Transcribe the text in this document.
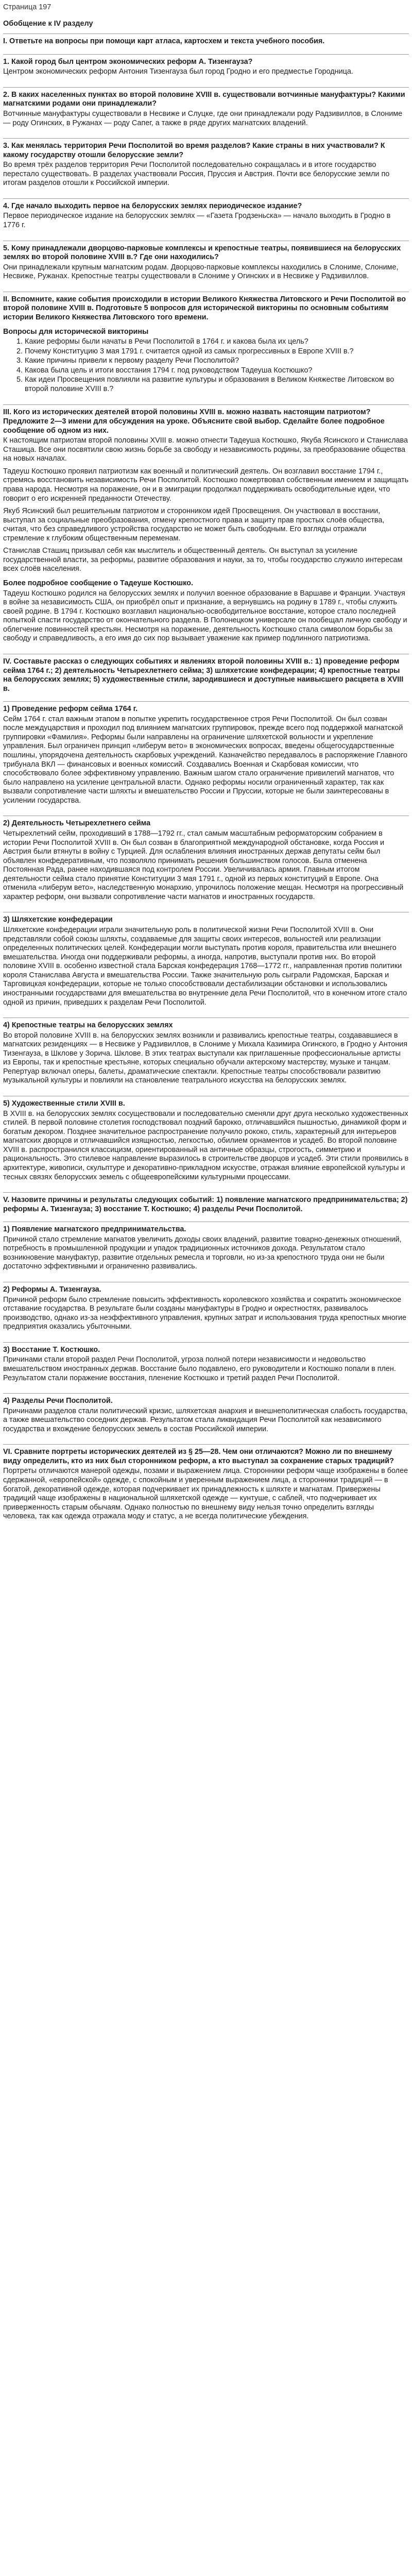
Страница 197
Обобщение к IV разделу
I. Ответьте на вопросы при помощи карт атласа, картосхем и текста учебного пособия.
1. Какой город был центром экономических реформ А. Тизенгауза?

Центром экономических реформ Антония Тизенгауза был город Гродно и его предместье Городница.

2. В каких населенных пунктах во второй половине XVIII в. существовали вотчинные мануфактуры? Какими магнатскими родами они принадлежали?

Вотчинные мануфактуры существовали в Несвиже и Слуцке, где они принадлежали роду Радзивиллов, в Слониме — роду Огинских, в Ружанах — роду Сапег, а также в ряде других магнатских владений.

3. Как менялась территория Речи Посполитой во время разделов? Какие страны в них участвовали? К какому государству отошли белорусские земли?

Во время трёх разделов территория Речи Посполитой последовательно сокращалась и в итоге государство перестало существовать. В разделах участвовали Россия, Пруссия и Австрия. Почти все белорусские земли по итогам разделов отошли к Российской империи.

4. Где начало выходить первое на белорусских землях периодическое издание?

Первое периодическое издание на белорусских землях — «Газета Гродзеньска» — начало выходить в Гродно в 1776 г.

5. Кому принадлежали дворцово-парковые комплексы и крепостные театры, появившиеся на белорусских землях во второй половине XVIII в.? Где они находились?

Они принадлежали крупным магнатским родам. Дворцово-парковые комплексы находились в Слониме, Слониме, Несвиже, Ружанах. Крепостные театры существовали в Слониме у Огинских и в Несвиже у Радзивиллов.

II. Вспомните, какие события происходили в истории Великого Княжества Литовского и Речи Посполитой во второй половине XVIII в. Подготовьте 5 вопросов для исторической викторины по основным событиям истории Великого Княжества Литовского того времени.
Вопросы для исторической викторины
1. Какие реформы были начаты в Речи Посполитой в 1764 г. и какова была их цель?
2. Почему Конституцию 3 мая 1791 г. считается одной из самых прогрессивных в Европе XVIII в.?
3. Какие причины привели к первому разделу Речи Посполитой?
4. Какова была цель и итоги восстания 1794 г. под руководством Тадеуша Костюшко?
5. Как идеи Просвещения повлияли на развитие культуры и образования в Великом Княжестве Литовском во второй половине XVIII в.?
III. Кого из исторических деятелей второй половины XVIII в. можно назвать настоящим патриотом? Предложите 2—3 имени для обсуждения на уроке. Объясните свой выбор. Сделайте более подробное сообщение об одном из них.

К настоящим патриотам второй половины XVIII в. можно отнести Тадеуша Костюшко, Якуба Ясинского и Станислава Сташица. Все они посвятили свою жизнь борьбе за свободу и независимость родины, за преобразование общества на новых началах.

Тадеуш Костюшко проявил патриотизм как военный и политический деятель. Он возглавил восстание 1794 г., стремясь восстановить независимость Речи Посполитой. Костюшко пожертвовал собственным имением и защищать права народа. Несмотря на поражение, он и в эмиграции продолжал поддерживать освободительные идеи, что говорит о его искренней преданности Отечеству.

Якуб Ясинский был решительным патриотом и сторонником идей Просвещения. Он участвовал в восстании, выступал за социальные преобразования, отмену крепостного права и защиту прав простых слоёв общества, считая, что без справедливого устройства государство не может быть свободным. Его взгляды отражали стремление к глубоким общественным переменам.

Станислав Сташиц призывал себя как мыслитель и общественный деятель. Он выступал за усиление государственной власти, за реформы, развитие образования и науки, за то, чтобы государство служило интересам всех слоёв населения.

Более подробное сообщение о Тадеуше Костюшко.

Тадеуш Костюшко родился на белорусских землях и получил военное образование в Варшаве и Франции. Участвуя в войне за независимость США, он приобрёл опыт и признание, а вернувшись на родину в 1789 г., чтобы служить своей родине. В 1794 г. Костюшко возглавил национально-освободительное восстание, которое стало последней попыткой спасти государство от окончательного раздела. В Полонецком универсале он пообещал личную свободу и облегчение повинностей крестьян. Несмотря на поражение, деятельность Костюшко стала символом борьбы за свободу и справедливость, а его имя до сих пор вызывает уважение как пример подлинного патриотизма.

IV. Составьте рассказ о следующих событиях и явлениях второй половины XVIII в.: 1) проведение реформ сейма 1764 г.; 2) деятельность Четырехлетнего сейма; 3) шляхетские конфедерации; 4) крепостные театры на белорусских землях; 5) художественные стили, зародившиеся и доступные наивысшего расцвета в XVIII в.
1) Проведение реформ сейма 1764 г.

Сейм 1764 г. стал важным этапом в попытке укрепить государственное строя Речи Посполитой. Он был созван после междуцарствия и проходил под влиянием магнатских группировок, прежде всего под поддержкой магнатской группировки «Фамилия». Реформы были направлены на ограничение шляхетской вольности и укрепление управления. Был ограничен принцип «либерум вето» в экономических вопросах, введены общегосударственные пошлины, упорядочена деятельность скарбовых учреждений. Казначейство передавалось в распоряжение Главного трибунала ВКЛ — финансовых и военных комиссий. Создавались Военная и Скарбовая комиссии, что способствовало более эффективному управлению. Важным шагом стало ограничение привилегий магнатов, что было направлено на усиление центральной власти. Однако реформы носили ограниченный характер, так как вызвали сопротивление части шляхты и вмешательство России и Пруссии, которые не были заинтересованы в усилении государства.

2) Деятельность Четырехлетнего сейма

Четырехлетний сейм, проходивший в 1788—1792 гг., стал самым масштабным реформаторским собранием в истории Речи Посполитой XVIII в. Он был созван в благоприятной международной обстановке, когда Россия и Австрия были втянуты в войну с Турцией. Для ослабления влияния иностранных держав депутаты сейм был объявлен конфедеративным, что позволяло принимать решения большинством голосов. Была отменена Постоянная Рада, ранее находившаяся под контролем России. Увеличивалась армия. Главным итогом деятельности сейма стало принятие Конституции 3 мая 1791 г., одной из первых конституций в Европе. Она отменила «либерум вето», наследственную монархию, упрочилось положение мещан. Несмотря на прогрессивный характер реформ, они вызвали сопротивление части магнатов и иностранных государств.

3) Шляхетские конфедерации

Шляхетские конфедерации играли значительную роль в политической жизни Речи Посполитой XVIII в. Они представляли собой союзы шляхты, создаваемые для защиты своих интересов, вольностей или реализации определенных политических целей. Конфедерации могли выступать против короля, правительства или внешнего вмешательства. Иногда они поддерживали реформы, а иногда, напротив, выступали против них. Во второй половине XVIII в. особенно известной стала Барская конфедерация 1768—1772 гг., направленная против политики короля Станислава Августа и вмешательства России. Также значительную роль сыграли Радомская, Барская и Тарговицкая конфедерации, которые не только способствовали дестабилизации обстановки и использовались иностранными государствами для вмешательства во внутренние дела Речи Посполитой, что в конечном итоге стало одной из причин, приведших к разделам Речи Посполитой.

4) Крепостные театры на белорусских землях

Во второй половине XVIII в. на белорусских землях возникли и развивались крепостные театры, создававшиеся в магнатских резиденциях — в Несвиже у Радзивиллов, в Слониме у Михала Казимира Огинского, в Гродно у Антония Тизенгауза, в Шклове у Зорича. Шклове. В этих театрах выступали как приглашенные профессиональные артисты из Европы, так и крепостные крестьяне, которых специально обучали актерскому мастерству, музыке и танцам. Репертуар включал оперы, балеты, драматические спектакли. Крепостные театры способствовали развитию музыкальной культуры и повлияли на становление театрального искусства на белорусских землях.

5) Художественные стили XVIII в.

В XVIII в. на белорусских землях сосуществовали и последовательно сменяли друг друга несколько художественных стилей. В первой половине столетия господствовал поздний барокко, отличавшийся пышностью, динамикой форм и богатым декором. Позднее значительное распространение получило рококо, стиль, характерный для интерьеров магнатских дворцов и отличавшийся изящностью, легкостью, обилием орнаментов и усадеб. Во второй половине XVIII в. распространился классицизм, ориентированный на античные образцы, строгость, симметрию и рациональность. Это стилевое направление выразилось в строительстве дворцов и усадеб. Эти стили проявились в архитектуре, живописи, скульптуре и декоративно-прикладном искусстве, отражая влияние европейской культуры и тесных связях белорусских земель с общеевропейскими культурными процессами.

V. Назовите причины и результаты следующих событий: 1) появление магнатского предпринимательства; 2) реформы А. Тизенгауза; 3) восстание Т. Костюшко; 4) разделы Речи Посполитой.
1) Появление магнатского предпринимательства.

Причиной стало стремление магнатов увеличить доходы своих владений, развитие товарно-денежных отношений, потребность в промышленной продукции и упадок традиционных источников дохода. Результатом стало возникновение мануфактур, развитие отдельных ремесла и торговли, но из-за крепостного труда они не были достаточно эффективными и ограниченно развивались.

2) Реформы А. Тизенгауза.

Причиной реформ было стремление повысить эффективность королевского хозяйства и сократить экономическое отставание государства. В результате были созданы мануфактуры в Гродно и окрестностях, развивалось производство, однако из-за неэффективного управления, крупных затрат и использования труда крепостных многие предприятия оказались убыточными.

3) Восстание Т. Костюшко.

Причинами стали второй раздел Речи Посполитой, угроза полной потери независимости и недовольство вмешательством иностранных держав. Восстание было подавлено, его руководители и Костюшко попали в плен. Результатом стали поражение восстания, пленение Костюшко и третий раздел Речи Посполитой.

4) Разделы Речи Посполитой.

Причинами разделов стали политический кризис, шляхетская анархия и внешнеполитическая слабость государства, а также вмешательство соседних держав. Результатом стала ликвидация Речи Посполитой как независимого государства и вхождение белорусских земель в состав Российской империи.

VI. Сравните портреты исторических деятелей из § 25—28. Чем они отличаются? Можно ли по внешнему виду определить, кто из них был сторонником реформ, а кто выступал за сохранение старых традиций?

Портреты отличаются манерой одежды, позами и выражением лица. Сторонники реформ чаще изображены в более сдержанной, «европейской» одежде, с спокойным и уверенным выражением лица, а сторонники традиций — в богатой, декоративной одежде, которая подчеркивает их принадлежность к шляхте и магнатам. Привержены традиций чаще изображены в национальной шляхетской одежде — кунтуше, с саблей, что подчеркивает их приверженность старым обычаям. Однако полностью по внешнему виду нельзя точно определить взгляды человека, так как одежда отражала моду и статус, а не всегда политические убеждения.
